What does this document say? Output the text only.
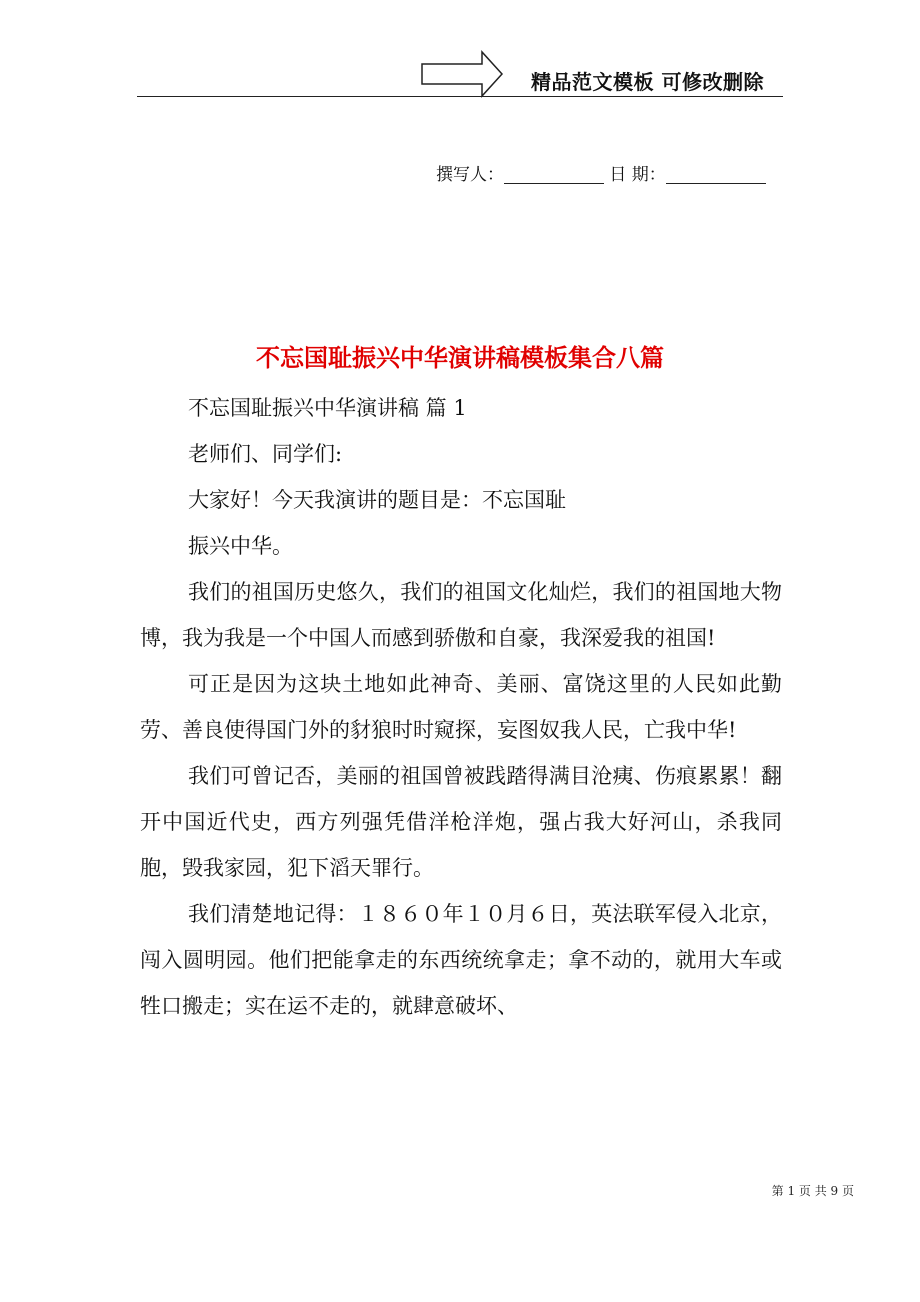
精品范文模板 可修改删除
撰写人：	日 期：
不忘国耻振兴中华演讲稿模板集合八篇

不忘国耻振兴中华演讲稿 篇 1

老师们、同学们:

大家好！今天我演讲的题目是：不忘国耻

振兴中华。

我们的祖国历史悠久，我们的祖国文化灿烂，我们的祖国地大物博，我为我是一个中国人而感到骄傲和自豪，我深爱我的祖国!

可正是因为这块土地如此神奇、美丽、富饶这里的人民如此勤劳、善良使得国门外的豺狼时时窥探，妄图奴我人民，亡我中华!

我们可曾记否，美丽的祖国曾被践踏得满目沧痍、伤痕累累！翻开中国近代史，西方列强凭借洋枪洋炮，强占我大好河山，杀我同胞，毁我家园，犯下滔天罪行。

我们清楚地记得：１８６０年１０月６日，英法联军侵入北京，闯入圆明园。他们把能拿走的东西统统拿走；拿不动的，就用大车或牲口搬走；实在运不走的，就肆意破坏、

第 1 页 共 9 页
